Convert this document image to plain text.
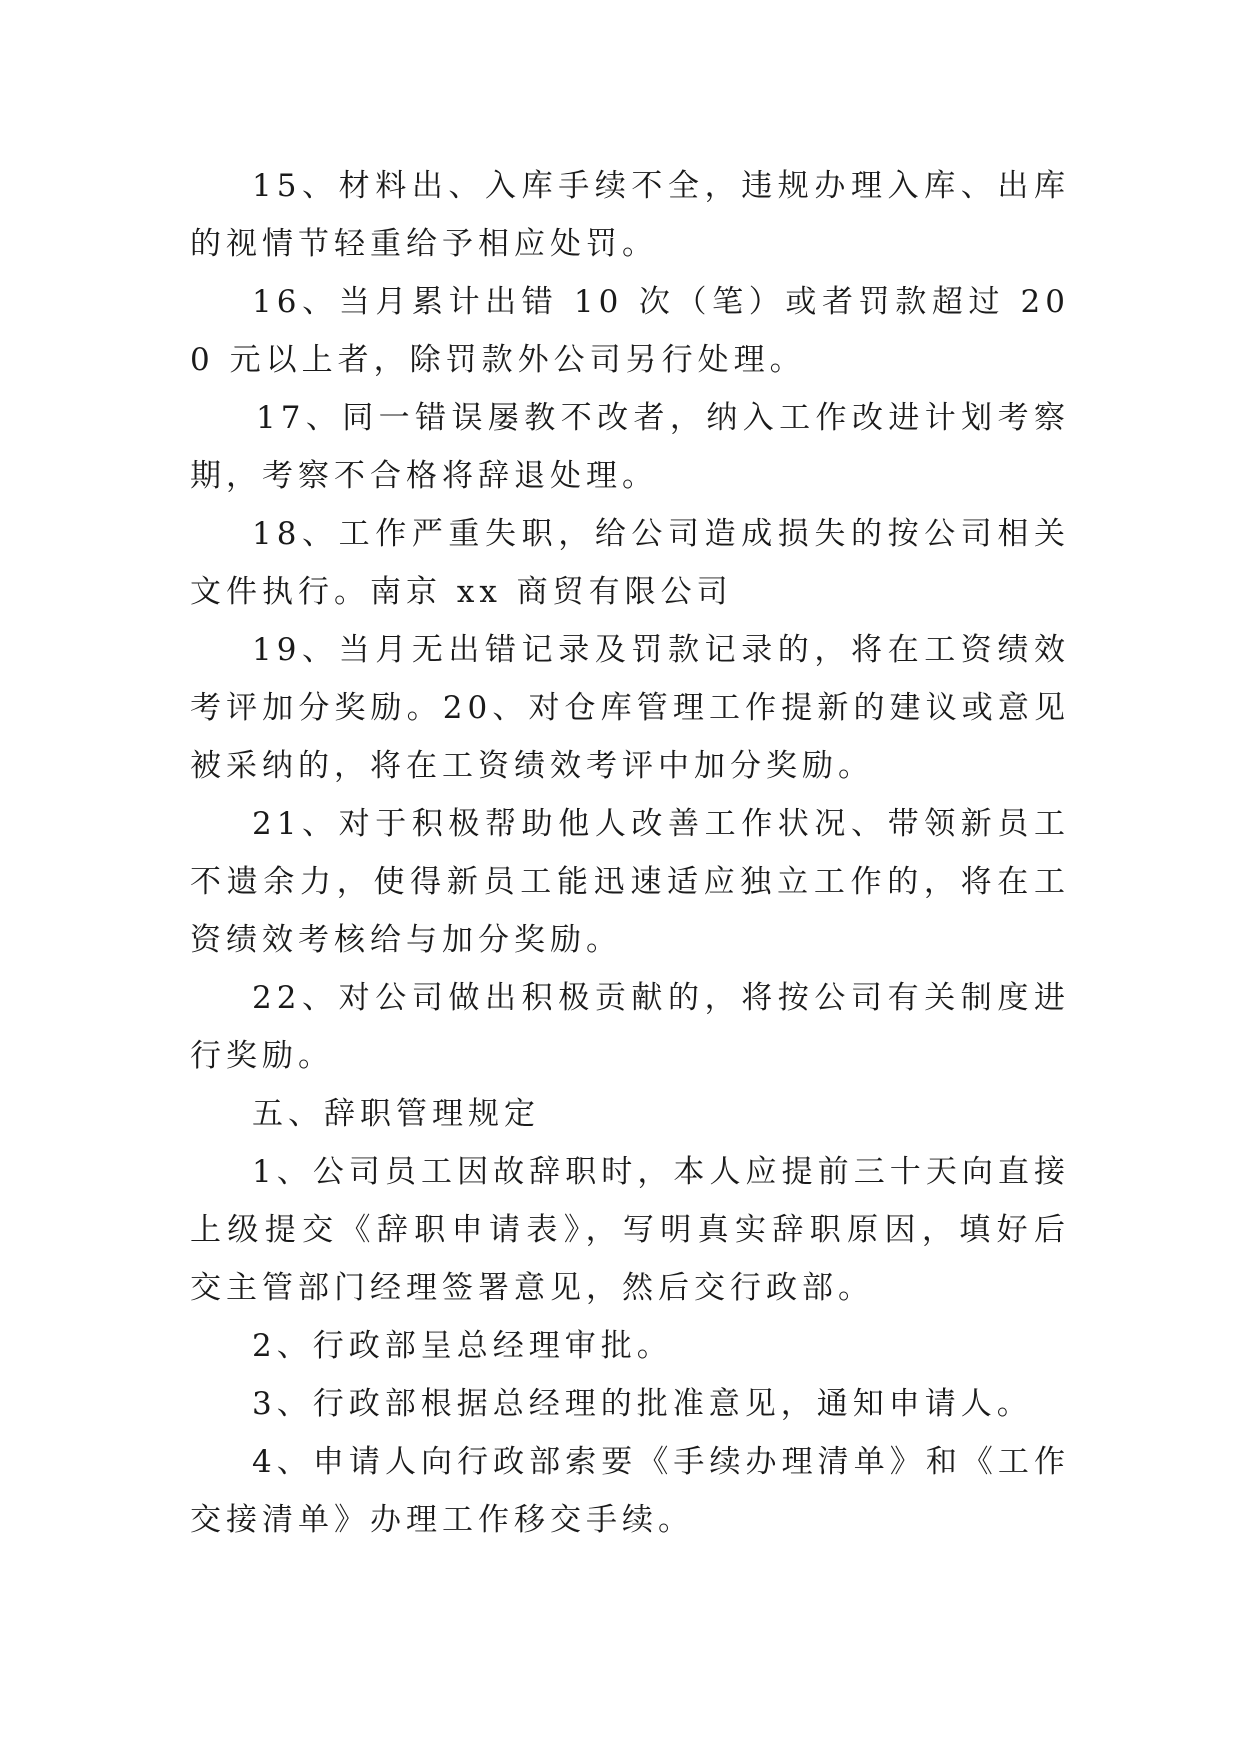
15、材料出、入库手续不全，违规办理入库、出库的视情节轻重给予相应处罚。

16、当月累计出错 10 次（笔）或者罚款超过 200 元以上者，除罚款外公司另行处理。

17、同一错误屡教不改者，纳入工作改进计划考察期，考察不合格将辞退处理。

18、工作严重失职，给公司造成损失的按公司相关文件执行。南京 xx 商贸有限公司

19、当月无出错记录及罚款记录的，将在工资绩效考评加分奖励。20、对仓库管理工作提新的建议或意见被采纳的，将在工资绩效考评中加分奖励。

21、对于积极帮助他人改善工作状况、带领新员工不遗余力，使得新员工能迅速适应独立工作的，将在工资绩效考核给与加分奖励。

22、对公司做出积极贡献的，将按公司有关制度进行奖励。

五、辞职管理规定

1、公司员工因故辞职时，本人应提前三十天向直接上级提交《辞职申请表》，写明真实辞职原因，填好后交主管部门经理签署意见，然后交行政部。

2、行政部呈总经理审批。

3、行政部根据总经理的批准意见，通知申请人。

4、申请人向行政部索要《手续办理清单》和《工作交接清单》办理工作移交手续。
